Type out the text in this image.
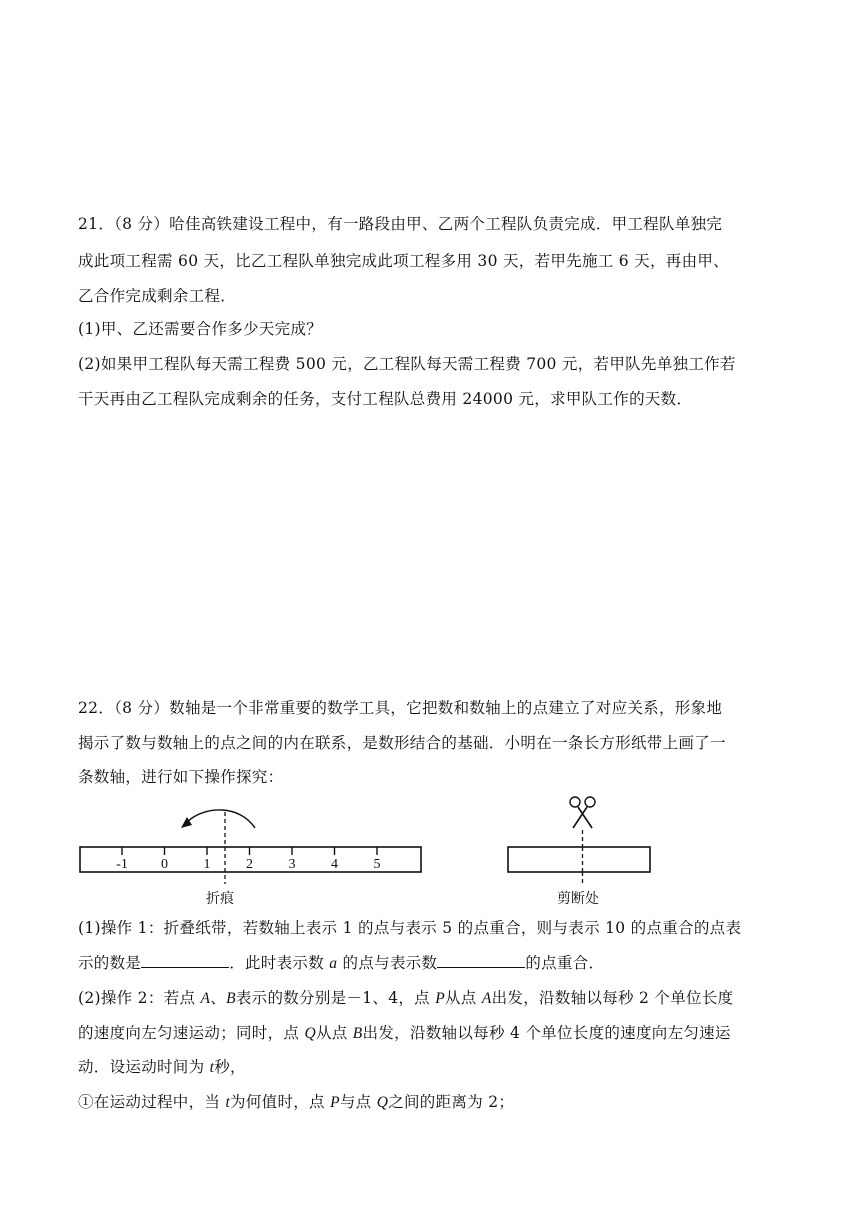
21．（8 分）哈佳高铁建设工程中，有一路段由甲、乙两个工程队负责完成．甲工程队单独完
成此项工程需 60 天，比乙工程队单独完成此项工程多用 30 天，若甲先施工 6 天，再由甲、
乙合作完成剩余工程．
(1)甲、乙还需要合作多少天完成？
(2)如果甲工程队每天需工程费 500 元，乙工程队每天需工程费 700 元，若甲队先单独工作若
干天再由乙工程队完成剩余的任务，支付工程队总费用 24000 元，求甲队工作的天数．
22．（8 分）数轴是一个非常重要的数学工具，它把数和数轴上的点建立了对应关系，形象地
揭示了数与数轴上的点之间的内在联系，是数形结合的基础．小明在一条长方形纸带上画了一
条数轴，进行如下操作探究：
-1 0	1	2	3	4	5
折痕	剪断处
(1)操作 1：折叠纸带，若数轴上表示 1 的点与表示 5 的点重合，则与表示 10 的点重合的点表
示的数是	．此时表示数 a 的点与表示数	的点重合．
(2)操作 2：若点 A、B表示的数分别是－1、4，点 P从点 A出发，沿数轴以每秒 2 个单位长度
的速度向左匀速运动；同时，点 Q从点 B出发，沿数轴以每秒 4 个单位长度的速度向左匀速运
动．设运动时间为 t秒，
①在运动过程中，当 t为何值时，点 P与点 Q之间的距离为 2；
